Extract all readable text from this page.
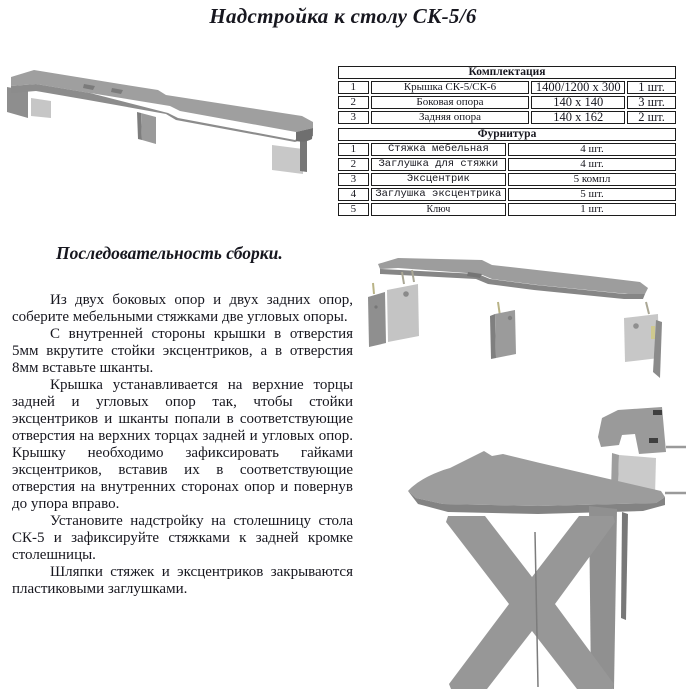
Надстройка к столу СК-5/6
Комплектация			
1	Крышка СК-5/СК-6	1400/1200 x 300	1 шт.
2	Боковая опора	140 x 140	3 шт.
3	Задняя опора	140 x 162	2 шт.
Фурнитура		
1	Стяжка мебельная	4 шт.
2	Заглушка для стяжки	4 шт.
3	Эксцентрик	5 компл
4	Заглушка эксцентрика	5 шт.
5	Ключ	1 шт.
Последовательность сборки.

Из двух боковых опор и двух задних опор, соберите мебельными стяжками две угловых опоры.

С внутренней стороны крышки в отверстия 5мм вкрутите стойки эксцентриков, а в отверстия 8мм вставьте шканты.

Крышка устанавливается на верхние торцы задней и угловых опор так, чтобы стойки эксцентриков и шканты попали в соответствующие отверстия на верхних торцах задней и угловых опор. Крышку необходимо зафиксировать гайками эксцентриков, вставив их в соответствующие отверстия на внутренних сторонах опор и повернув до упора вправо.

Установите надстройку на столешницу стола СК-5 и зафиксируйте стяжками к задней кромке столешницы.

Шляпки стяжек и эксцентриков закрываются пластиковыми заглушками.
